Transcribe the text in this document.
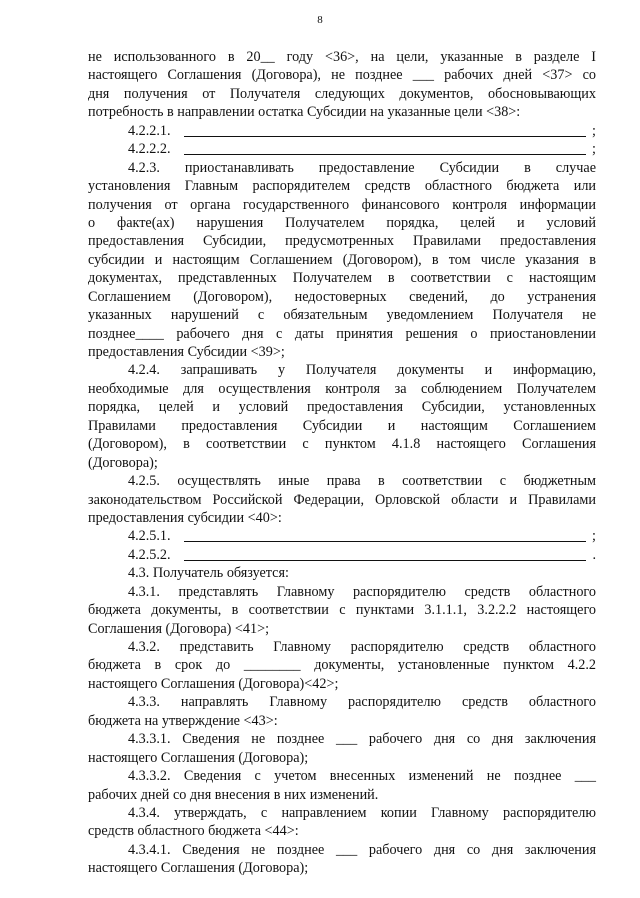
8
не использованного в 20__ году <36>, на цели, указанные в разделе I
настоящего Соглашения (Договора), не позднее ___ рабочих дней <37> со
дня получения от Получателя следующих документов, обосновывающих
потребность в направлении остатка Субсидии на указанные цели <38>:
4.2.2.1.	;
4.2.2.2.	;
4.2.3. приостанавливать предоставление Субсидии в случае
установления Главным распорядителем средств областного бюджета или
получения от органа государственного финансового контроля информации
о факте(ах) нарушения Получателем порядка, целей и условий
предоставления Субсидии, предусмотренных Правилами предоставления
субсидии и настоящим Соглашением (Договором), в том числе указания в
документах, представленных Получателем в соответствии с настоящим
Соглашением (Договором), недостоверных сведений, до устранения
указанных нарушений с обязательным уведомлением Получателя не
позднее____ рабочего дня с даты принятия решения о приостановлении
предоставления Субсидии <39>;
4.2.4. запрашивать у Получателя документы и информацию,
необходимые для осуществления контроля за соблюдением Получателем
порядка, целей и условий предоставления Субсидии, установленных
Правилами предоставления Субсидии и настоящим Соглашением
(Договором), в соответствии с пунктом 4.1.8 настоящего Соглашения
(Договора);
4.2.5. осуществлять иные права в соответствии с бюджетным
законодательством Российской Федерации, Орловской области и Правилами
предоставления субсидии <40>:
4.2.5.1.	;
4.2.5.2.	.
4.3. Получатель обязуется:
4.3.1. представлять Главному распорядителю средств областного
бюджета документы, в соответствии с пунктами 3.1.1.1, 3.2.2.2 настоящего
Соглашения (Договора) <41>;
4.3.2. представить Главному распорядителю средств областного
бюджета в срок до ________ документы, установленные пунктом 4.2.2
настоящего Соглашения (Договора)<42>;
4.3.3. направлять Главному распорядителю средств областного
бюджета на утверждение <43>:
4.3.3.1. Сведения не позднее ___ рабочего дня со дня заключения
настоящего Соглашения (Договора);
4.3.3.2. Сведения с учетом внесенных изменений не позднее ___
рабочих дней со дня внесения в них изменений.
4.3.4. утверждать, с направлением копии Главному распорядителю
средств областного бюджета <44>:
4.3.4.1. Сведения не позднее ___ рабочего дня со дня заключения
настоящего Соглашения (Договора);
